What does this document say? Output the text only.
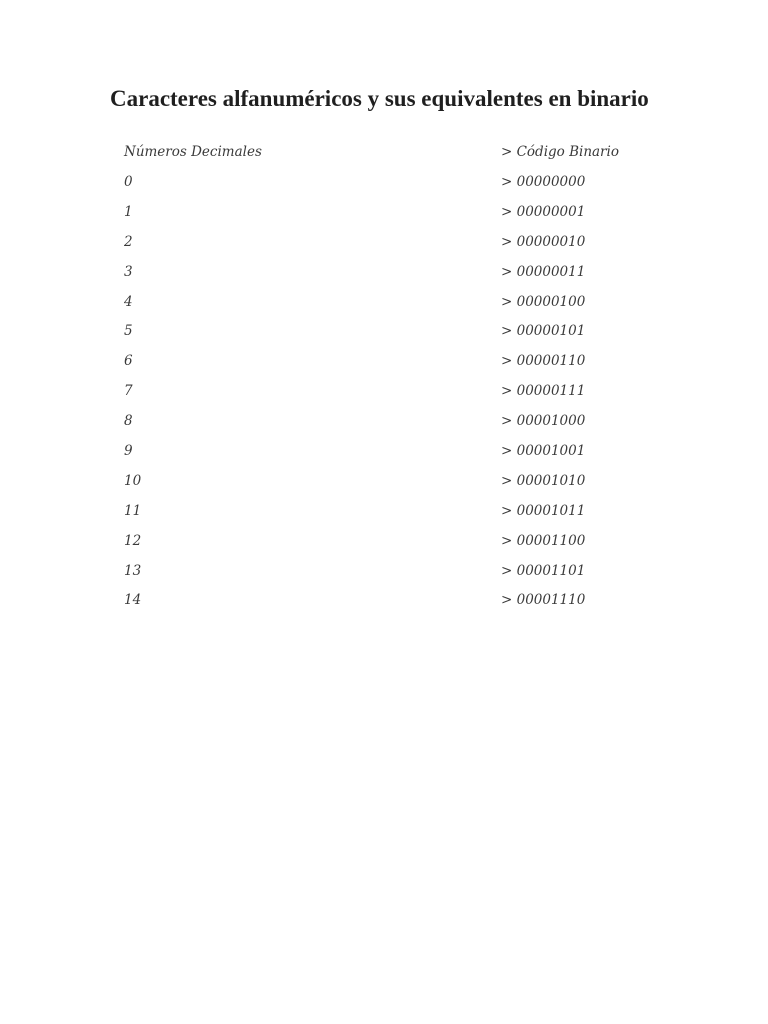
Caracteres alfanuméricos y sus equivalentes en binario
Números Decimales	> Código Binario
0	> 00000000
1	> 00000001
2	> 00000010
3	> 00000011
4	> 00000100
5	> 00000101
6	> 00000110
7	> 00000111
8	> 00001000
9	> 00001001
10	> 00001010
11	> 00001011
12	> 00001100
13	> 00001101
14	> 00001110
